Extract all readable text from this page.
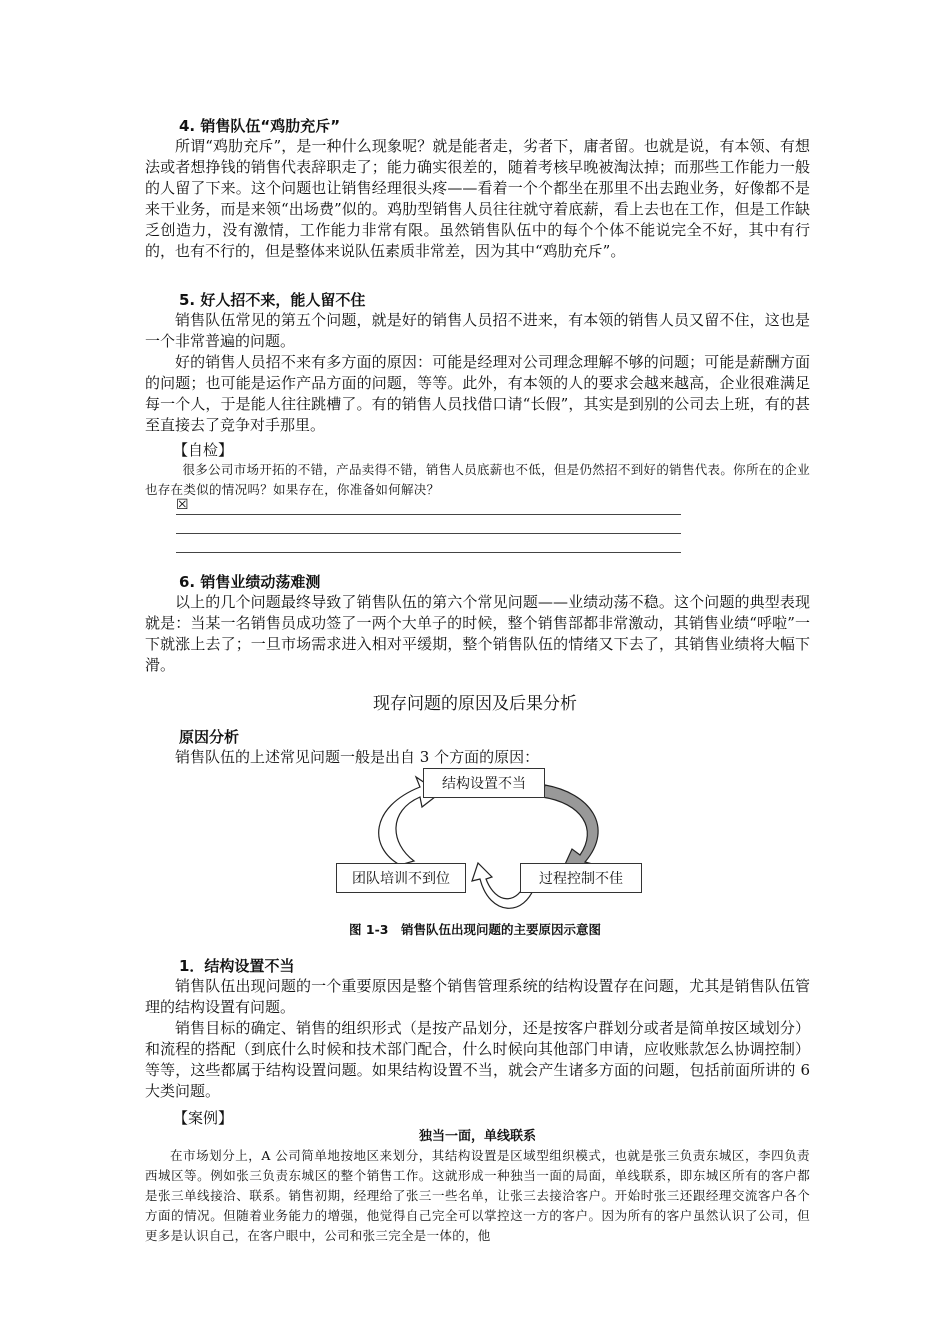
4. 销售队伍“鸡肋充斥”

所谓“鸡肋充斥”，是一种什么现象呢？就是能者走，劣者下，庸者留。也就是说，有本领、有想法或者想挣钱的销售代表辞职走了；能力确实很差的，随着考核早晚被淘汰掉；而那些工作能力一般的人留了下来。这个问题也让销售经理很头疼——看着一个个都坐在那里不出去跑业务，好像都不是来干业务，而是来领“出场费”似的。鸡肋型销售人员往往就守着底薪，看上去也在工作，但是工作缺乏创造力，没有激情，工作能力非常有限。虽然销售队伍中的每个个体不能说完全不好，其中有行的，也有不行的，但是整体来说队伍素质非常差，因为其中“鸡肋充斥”。

5. 好人招不来，能人留不住

销售队伍常见的第五个问题，就是好的销售人员招不进来，有本领的销售人员又留不住，这也是一个非常普遍的问题。

好的销售人员招不来有多方面的原因：可能是经理对公司理念理解不够的问题；可能是薪酬方面的问题；也可能是运作产品方面的问题，等等。此外，有本领的人的要求会越来越高，企业很难满足每一个人，于是能人往往跳槽了。有的销售人员找借口请“长假”，其实是到别的公司去上班，有的甚至直接去了竞争对手那里。

【自检】

很多公司市场开拓的不错，产品卖得不错，销售人员底薪也不低，但是仍然招不到好的销售代表。你所在的企业也存在类似的情况吗？如果存在，你准备如何解决？

☒

6. 销售业绩动荡难测

以上的几个问题最终导致了销售队伍的第六个常见问题——业绩动荡不稳。这个问题的典型表现就是：当某一名销售员成功签了一两个大单子的时候，整个销售部都非常激动，其销售业绩“呼啦”一下就涨上去了；一旦市场需求进入相对平缓期，整个销售队伍的情绪又下去了，其销售业绩将大幅下滑。

现存问题的原因及后果分析

原因分析

销售队伍的上述常见问题一般是出自 3 个方面的原因：

结构设置不当
团队培训不到位	过程控制不佳

图 1-3　销售队伍出现问题的主要原因示意图

1．结构设置不当

销售队伍出现问题的一个重要原因是整个销售管理系统的结构设置存在问题，尤其是销售队伍管理的结构设置有问题。

销售目标的确定、销售的组织形式（是按产品划分，还是按客户群划分或者是简单按区域划分）和流程的搭配（到底什么时候和技术部门配合，什么时候向其他部门申请，应收账款怎么协调控制）等等，这些都属于结构设置问题。如果结构设置不当，就会产生诸多方面的问题，包括前面所讲的 6 大类问题。

【案例】

独当一面，单线联系

在市场划分上，A 公司简单地按地区来划分，其结构设置是区域型组织模式，也就是张三负责东城区，李四负责西城区等。例如张三负责东城区的整个销售工作。这就形成一种独当一面的局面，单线联系，即东城区所有的客户都是张三单线接洽、联系。销售初期，经理给了张三一些名单，让张三去接洽客户。开始时张三还跟经理交流客户各个方面的情况。但随着业务能力的增强，他觉得自己完全可以掌控这一方的客户。因为所有的客户虽然认识了公司，但更多是认识自己，在客户眼中，公司和张三完全是一体的，他
